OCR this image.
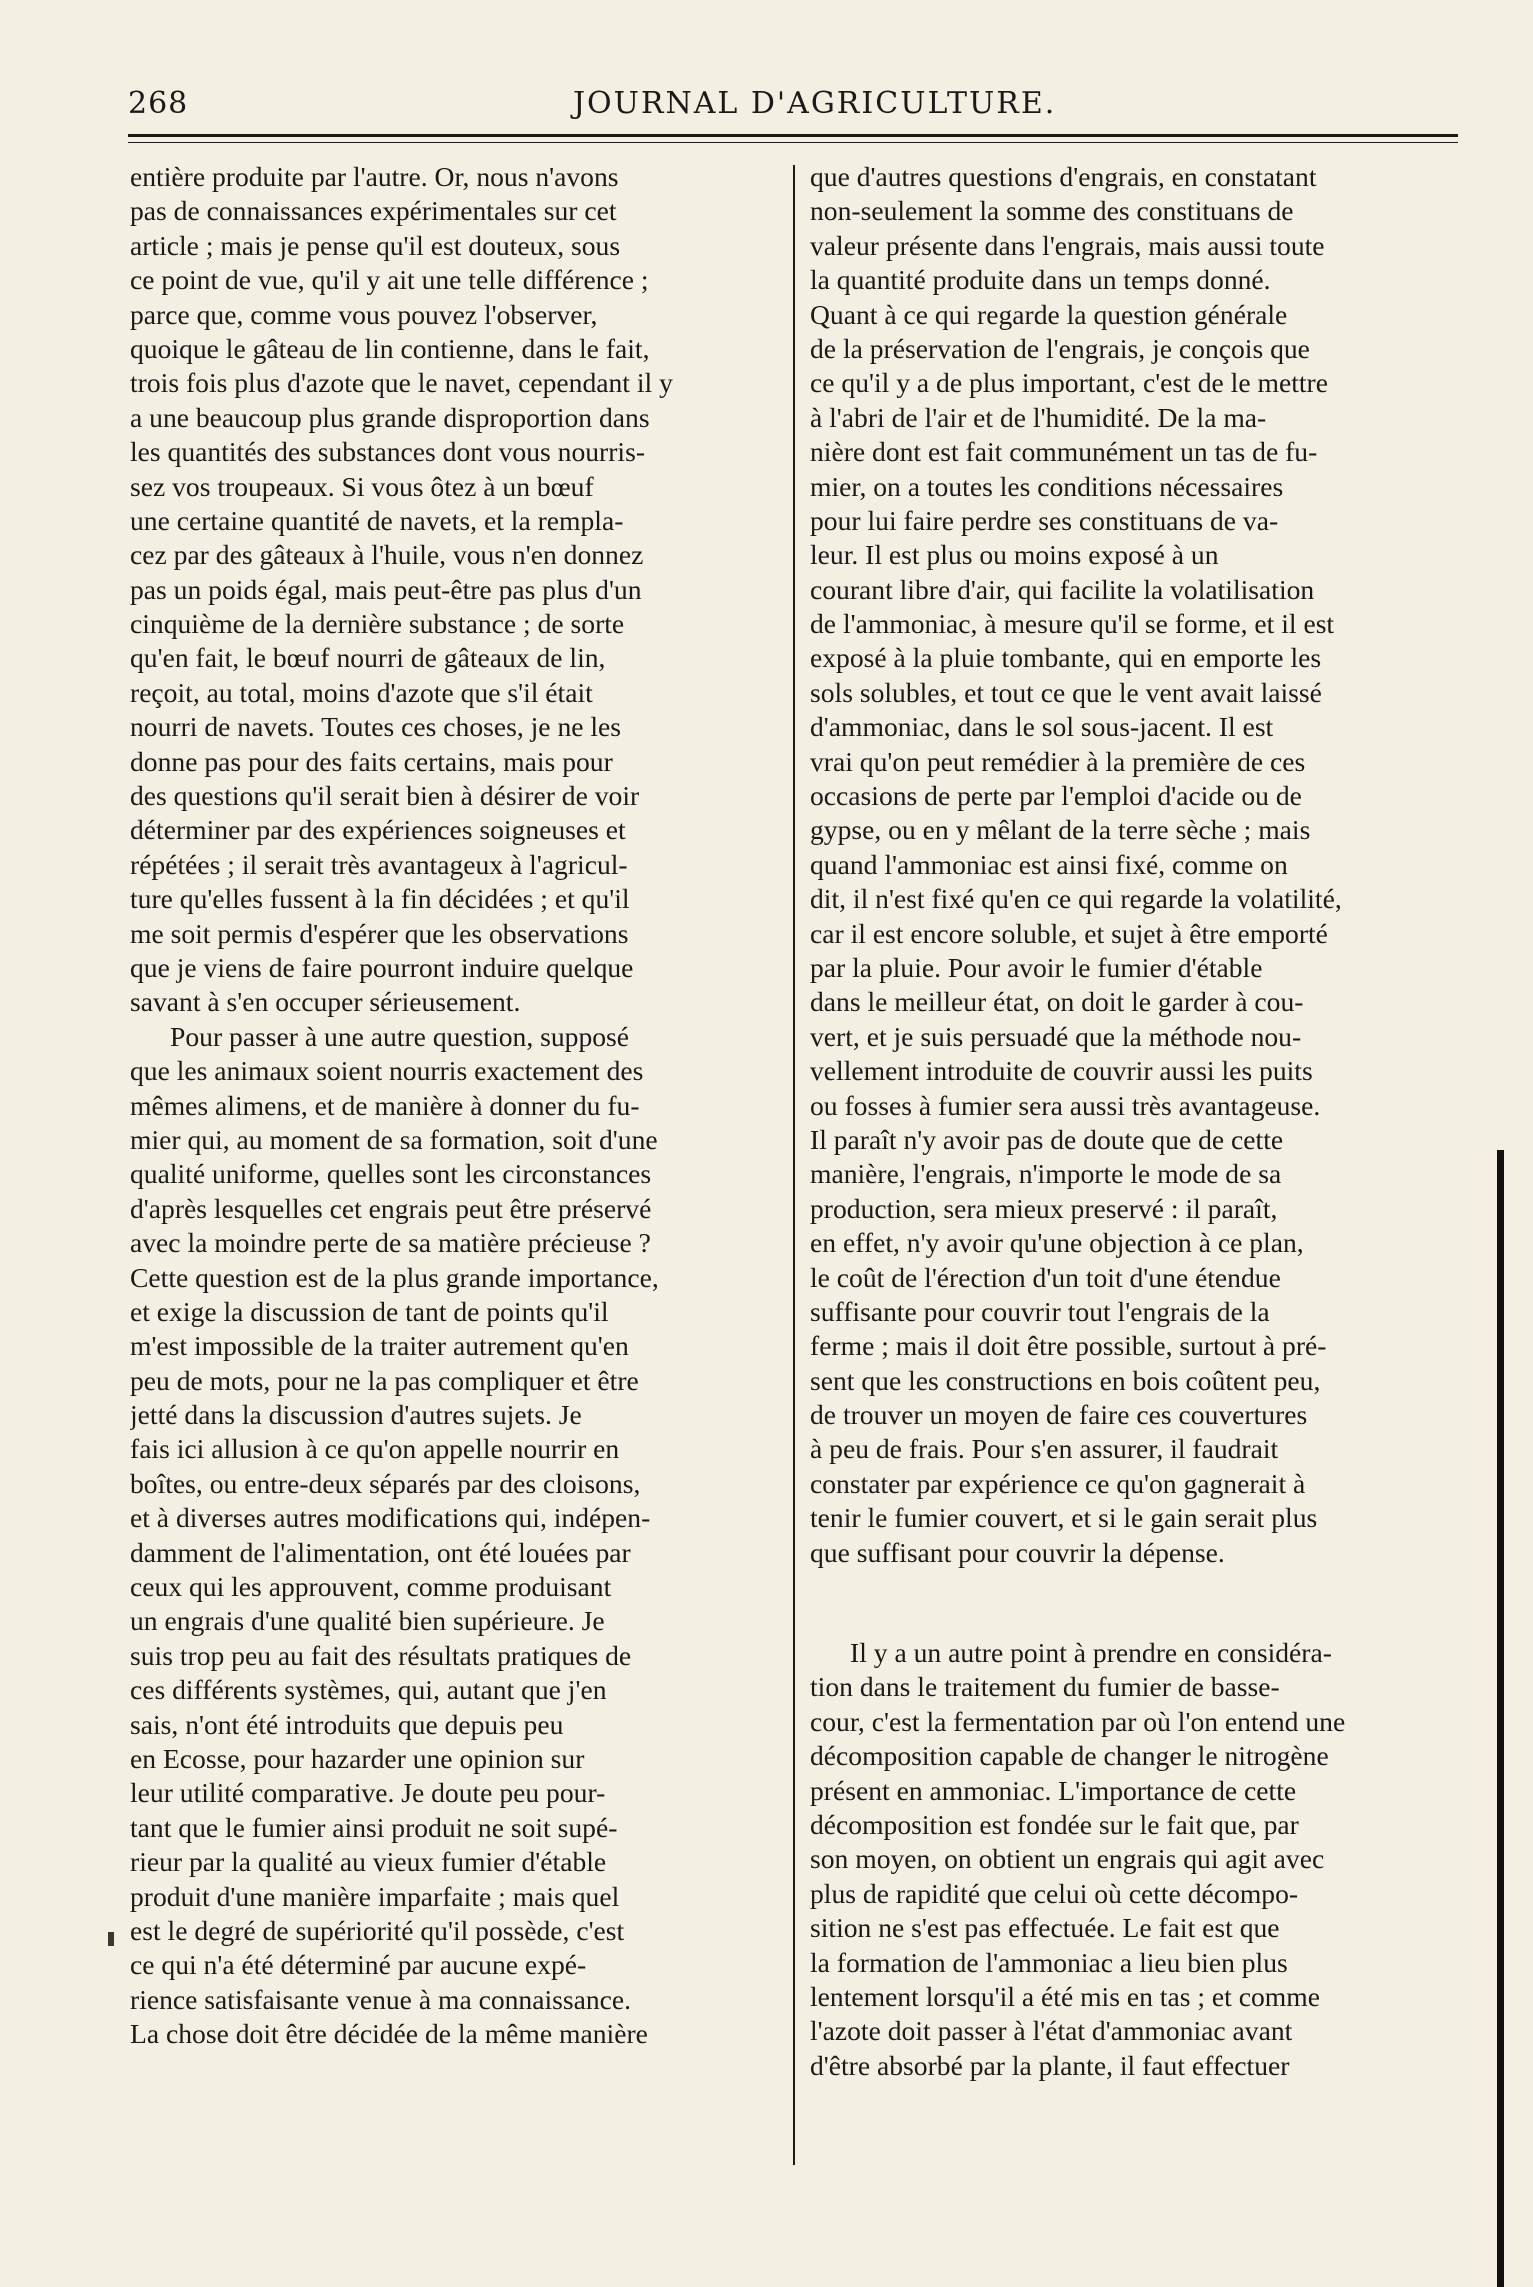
268	JOURNAL D'AGRICULTURE.
entière produite par l'autre. Or, nous n'avons
pas de connaissances expérimentales sur cet
article ; mais je pense qu'il est douteux, sous
ce point de vue, qu'il y ait une telle différence ;
parce que, comme vous pouvez l'observer,
quoique le gâteau de lin contienne, dans le fait,
trois fois plus d'azote que le navet, cependant il y
a une beaucoup plus grande disproportion dans
les quantités des substances dont vous nourris-
sez vos troupeaux. Si vous ôtez à un bœuf
une certaine quantité de navets, et la rempla-
cez par des gâteaux à l'huile, vous n'en donnez
pas un poids égal, mais peut-être pas plus d'un
cinquième de la dernière substance ; de sorte
qu'en fait, le bœuf nourri de gâteaux de lin,
reçoit, au total, moins d'azote que s'il était
nourri de navets. Toutes ces choses, je ne les
donne pas pour des faits certains, mais pour
des questions qu'il serait bien à désirer de voir
déterminer par des expériences soigneuses et
répétées ; il serait très avantageux à l'agricul-
ture qu'elles fussent à la fin décidées ; et qu'il
me soit permis d'espérer que les observations
que je viens de faire pourront induire quelque
savant à s'en occuper sérieusement.
Pour passer à une autre question, supposé
que les animaux soient nourris exactement des
mêmes alimens, et de manière à donner du fu-
mier qui, au moment de sa formation, soit d'une
qualité uniforme, quelles sont les circonstances
d'après lesquelles cet engrais peut être préservé
avec la moindre perte de sa matière précieuse ?
Cette question est de la plus grande importance,
et exige la discussion de tant de points qu'il
m'est impossible de la traiter autrement qu'en
peu de mots, pour ne la pas compliquer et être
jetté dans la discussion d'autres sujets. Je
fais ici allusion à ce qu'on appelle nourrir en
boîtes, ou entre-deux séparés par des cloisons,
et à diverses autres modifications qui, indépen-
damment de l'alimentation, ont été louées par
ceux qui les approuvent, comme produisant
un engrais d'une qualité bien supérieure. Je
suis trop peu au fait des résultats pratiques de
ces différents systèmes, qui, autant que j'en
sais, n'ont été introduits que depuis peu
en Ecosse, pour hazarder une opinion sur
leur utilité comparative. Je doute peu pour-
tant que le fumier ainsi produit ne soit supé-
rieur par la qualité au vieux fumier d'étable
produit d'une manière imparfaite ; mais quel
est le degré de supériorité qu'il possède, c'est
ce qui n'a été déterminé par aucune expé-
rience satisfaisante venue à ma connaissance.
La chose doit être décidée de la même manière
que d'autres questions d'engrais, en constatant
non-seulement la somme des constituans de
valeur présente dans l'engrais, mais aussi toute
la quantité produite dans un temps donné.
Quant à ce qui regarde la question générale
de la préservation de l'engrais, je conçois que
ce qu'il y a de plus important, c'est de le mettre
à l'abri de l'air et de l'humidité. De la ma-
nière dont est fait communément un tas de fu-
mier, on a toutes les conditions nécessaires
pour lui faire perdre ses constituans de va-
leur. Il est plus ou moins exposé à un
courant libre d'air, qui facilite la volatilisation
de l'ammoniac, à mesure qu'il se forme, et il est
exposé à la pluie tombante, qui en emporte les
sols solubles, et tout ce que le vent avait laissé
d'ammoniac, dans le sol sous-jacent. Il est
vrai qu'on peut remédier à la première de ces
occasions de perte par l'emploi d'acide ou de
gypse, ou en y mêlant de la terre sèche ; mais
quand l'ammoniac est ainsi fixé, comme on
dit, il n'est fixé qu'en ce qui regarde la volatilité,
car il est encore soluble, et sujet à être emporté
par la pluie. Pour avoir le fumier d'étable
dans le meilleur état, on doit le garder à cou-
vert, et je suis persuadé que la méthode nou-
vellement introduite de couvrir aussi les puits
ou fosses à fumier sera aussi très avantageuse.
Il paraît n'y avoir pas de doute que de cette
manière, l'engrais, n'importe le mode de sa
production, sera mieux preservé : il paraît,
en effet, n'y avoir qu'une objection à ce plan,
le coût de l'érection d'un toit d'une étendue
suffisante pour couvrir tout l'engrais de la
ferme ; mais il doit être possible, surtout à pré-
sent que les constructions en bois coûtent peu,
de trouver un moyen de faire ces couvertures
à peu de frais. Pour s'en assurer, il faudrait
constater par expérience ce qu'on gagnerait à
tenir le fumier couvert, et si le gain serait plus
que suffisant pour couvrir la dépense.
Il y a un autre point à prendre en considéra-
tion dans le traitement du fumier de basse-
cour, c'est la fermentation par où l'on entend une
décomposition capable de changer le nitrogène
présent en ammoniac. L'importance de cette
décomposition est fondée sur le fait que, par
son moyen, on obtient un engrais qui agit avec
plus de rapidité que celui où cette décompo-
sition ne s'est pas effectuée. Le fait est que
la formation de l'ammoniac a lieu bien plus
lentement lorsqu'il a été mis en tas ; et comme
l'azote doit passer à l'état d'ammoniac avant
d'être absorbé par la plante, il faut effectuer
